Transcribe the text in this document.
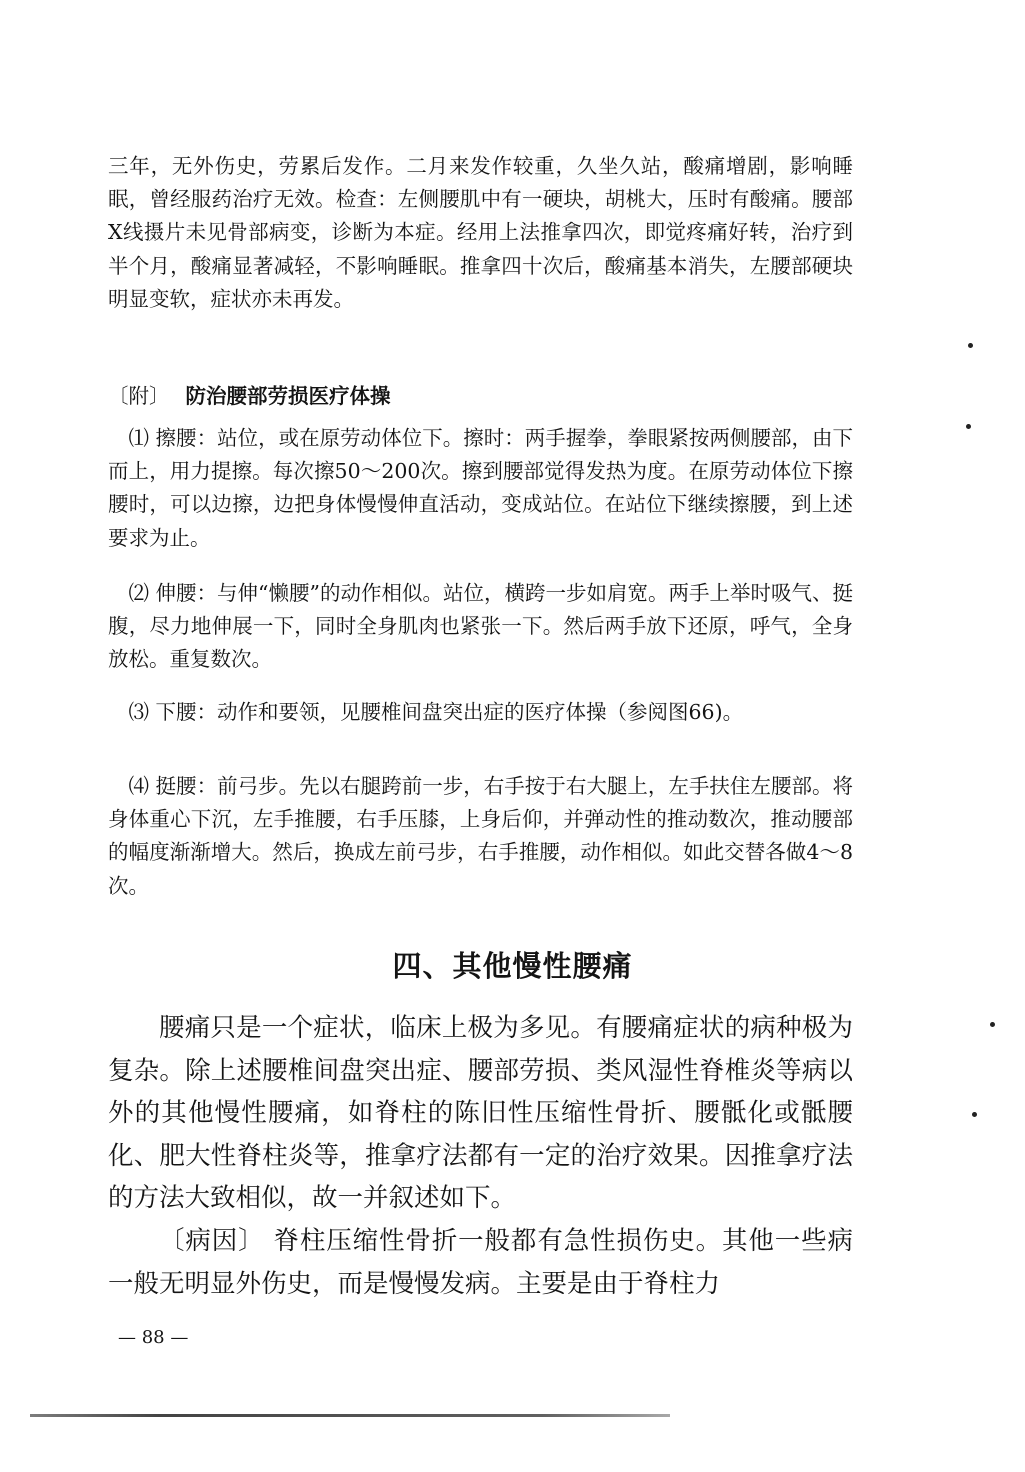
三年，无外伤史，劳累后发作。二月来发作较重，久坐久站，酸痛增剧，影响睡眠，曾经服药治疗无效。检查：左侧腰肌中有一硬块，胡桃大，压时有酸痛。腰部X线摄片未见骨部病变，诊断为本症。经用上法推拿四次，即觉疼痛好转，治疗到半个月，酸痛显著减轻，不影响睡眠。推拿四十次后，酸痛基本消失，左腰部硬块明显变软，症状亦未再发。

〔附〕 防治腰部劳损医疗体操

⑴ 擦腰：站位，或在原劳动体位下。擦时：两手握拳，拳眼紧按两侧腰部，由下而上，用力提擦。每次擦50～200次。擦到腰部觉得发热为度。在原劳动体位下擦腰时，可以边擦，边把身体慢慢伸直活动，变成站位。在站位下继续擦腰，到上述要求为止。

⑵ 伸腰：与伸“懒腰”的动作相似。站位，横跨一步如肩宽。两手上举时吸气、挺腹，尽力地伸展一下，同时全身肌肉也紧张一下。然后两手放下还原，呼气，全身放松。重复数次。

⑶ 下腰：动作和要领，见腰椎间盘突出症的医疗体操（参阅图66)。

⑷ 挺腰：前弓步。先以右腿跨前一步，右手按于右大腿上，左手扶住左腰部。将身体重心下沉，左手推腰，右手压膝，上身后仰，并弹动性的推动数次，推动腰部的幅度渐渐增大。然后，换成左前弓步，右手推腰，动作相似。如此交替各做4～8次。

四、其他慢性腰痛

腰痛只是一个症状，临床上极为多见。有腰痛症状的病种极为复杂。除上述腰椎间盘突出症、腰部劳损、类风湿性脊椎炎等病以外的其他慢性腰痛，如脊柱的陈旧性压缩性骨折、腰骶化或骶腰化、肥大性脊柱炎等，推拿疗法都有一定的治疗效果。因推拿疗法的方法大致相似，故一并叙述如下。

〔病因〕 脊柱压缩性骨折一般都有急性损伤史。其他一些病一般无明显外伤史，而是慢慢发病。主要是由于脊柱力

— 88 —
